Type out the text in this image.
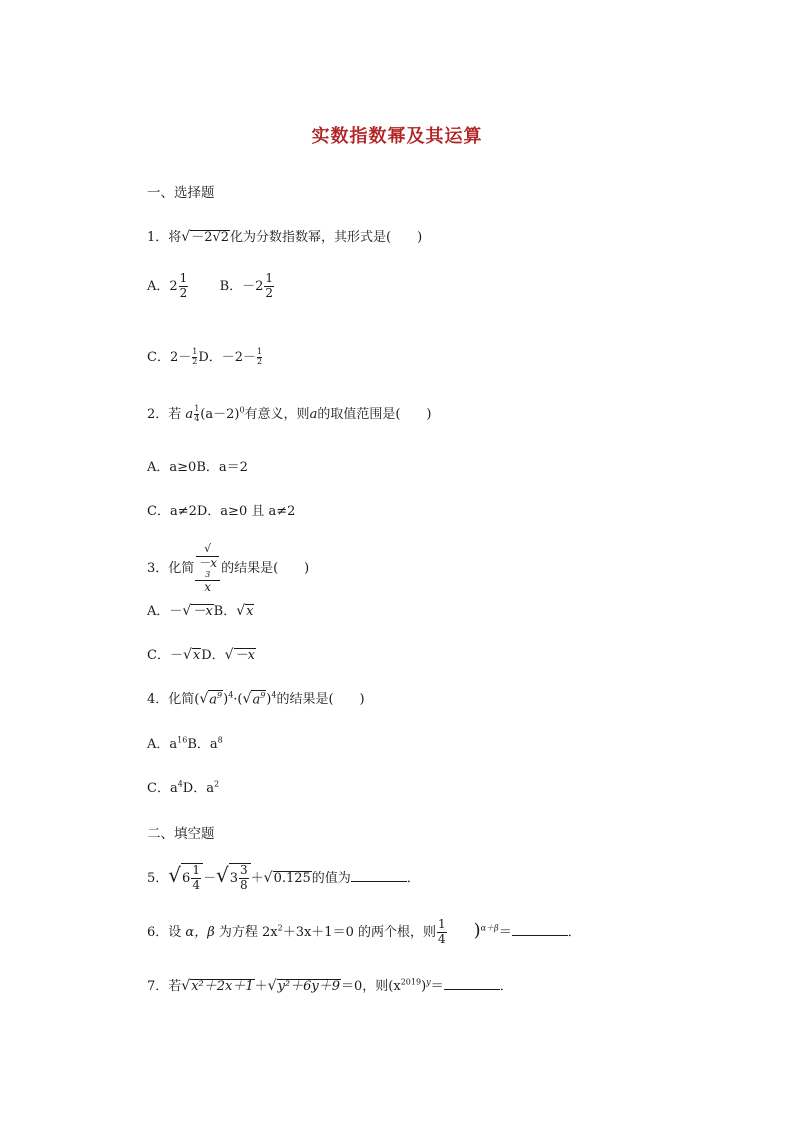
实数指数幂及其运算
一、选择题
1．将√－2√2化为分数指数幂，其形式是(　　)
A．$2 \frac{1}{2}$ B．$-2 \frac{1}{2}$
C．$2- \frac{1}{2}$ D．$-2- \frac{1}{2}$
2．若 a $\frac{1}{4} (a-2)^0$有意义，则a的取值范围是(　　)
A．a≥0B．a＝2
C．a≠2D．a≥0 且 a≠2
3．化简 √
－x
3
x 的结果是(　　)
A．－√－xB．√x
C．－√xD．√－x
4．化简$(√a^9)^4\cdot(√a^9)^4$的结果是(　　)
A．$a^{16}B$．$a^8$
C．$a^4D$．$a^2$
二、填空题
5．$√6 \frac{1}{4} -√3 \frac{3}{8} +√0.125$的值为	．
6．设 α，β 为方程 $2x^2+3x+1=0$ 的两个根，则 $\frac{1}{4} )^{\alpha+\beta}=$	．
7．若√x²＋2x＋1＋√y²＋6y＋9＝0，则$(x^{2019})^y=$	．
